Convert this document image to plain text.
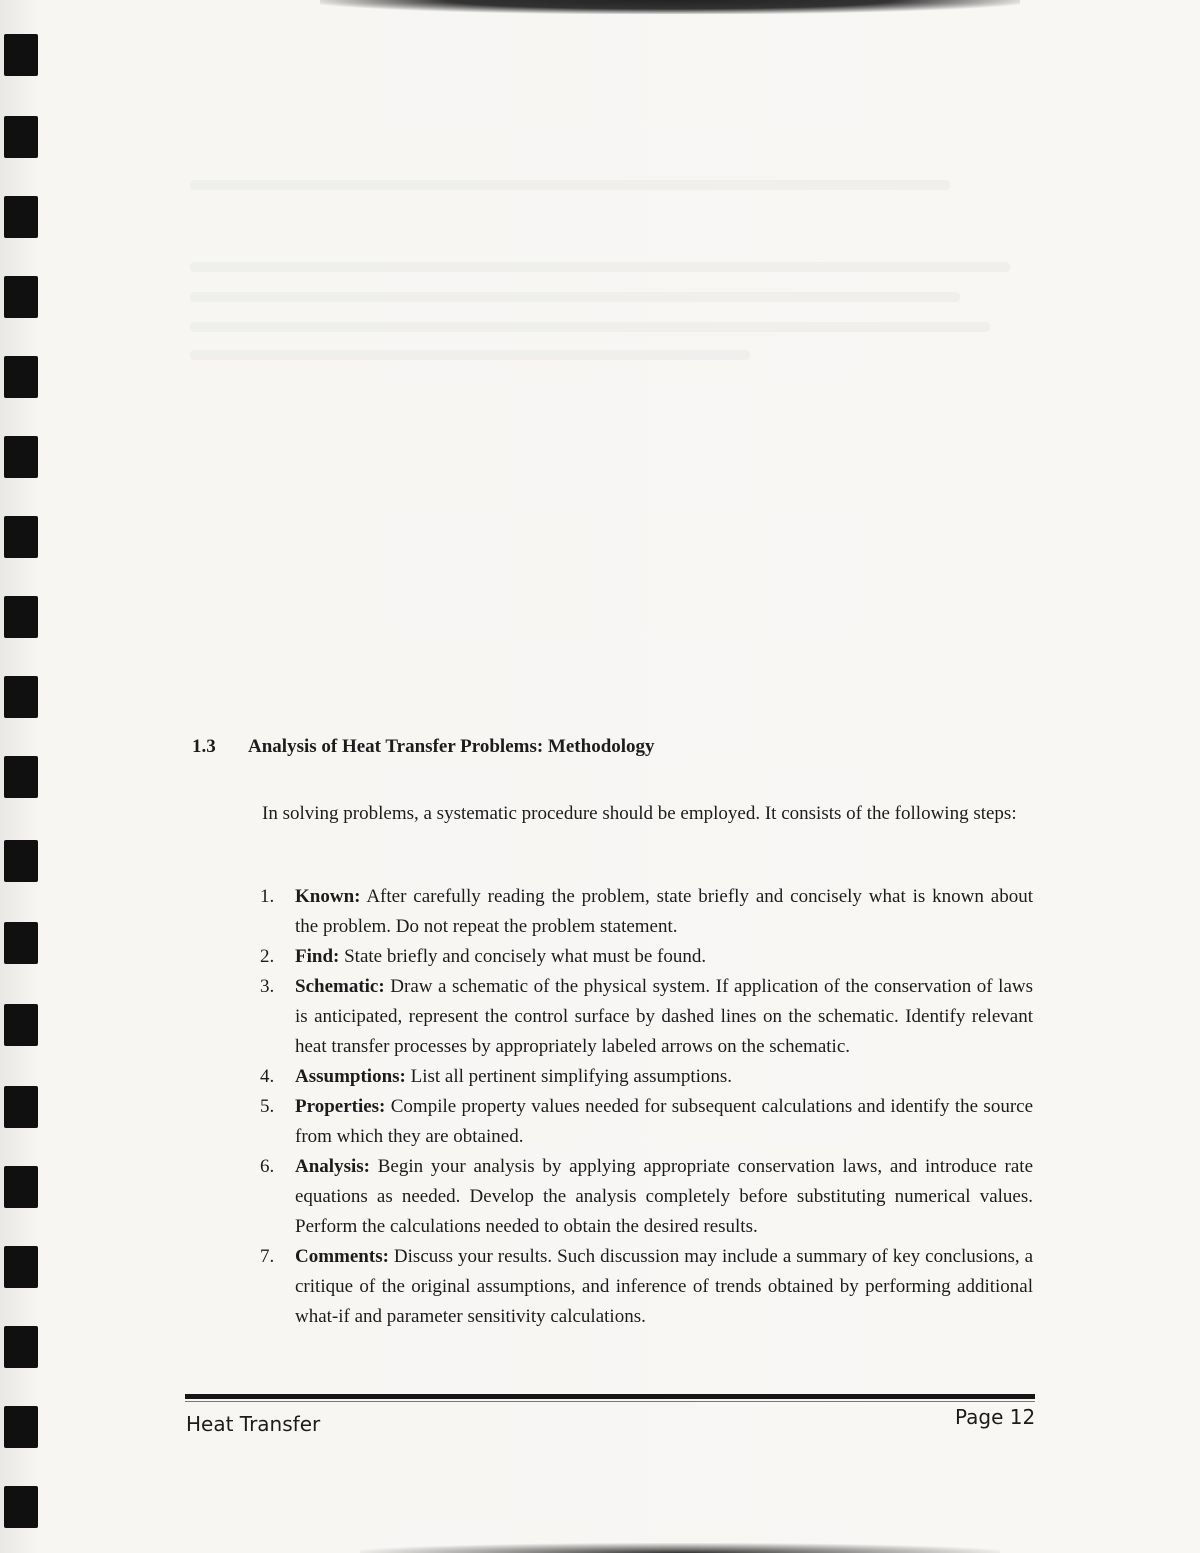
1.3 Analysis of Heat Transfer Problems: Methodology
In solving problems, a systematic procedure should be employed. It consists of the following steps:
1. Known: After carefully reading the problem, state briefly and concisely what is known about the problem. Do not repeat the problem statement.
2. Find: State briefly and concisely what must be found.
3. Schematic: Draw a schematic of the physical system. If application of the conservation of laws is anticipated, represent the control surface by dashed lines on the schematic. Identify relevant heat transfer processes by appropriately labeled arrows on the schematic.
4. Assumptions: List all pertinent simplifying assumptions.
5. Properties: Compile property values needed for subsequent calculations and identify the source from which they are obtained.
6. Analysis: Begin your analysis by applying appropriate conservation laws, and introduce rate equations as needed. Develop the analysis completely before substituting numerical values. Perform the calculations needed to obtain the desired results.
7. Comments: Discuss your results. Such discussion may include a summary of key conclusions, a critique of the original assumptions, and inference of trends obtained by performing additional what-if and parameter sensitivity calculations.
Heat Transfer	Page 12
